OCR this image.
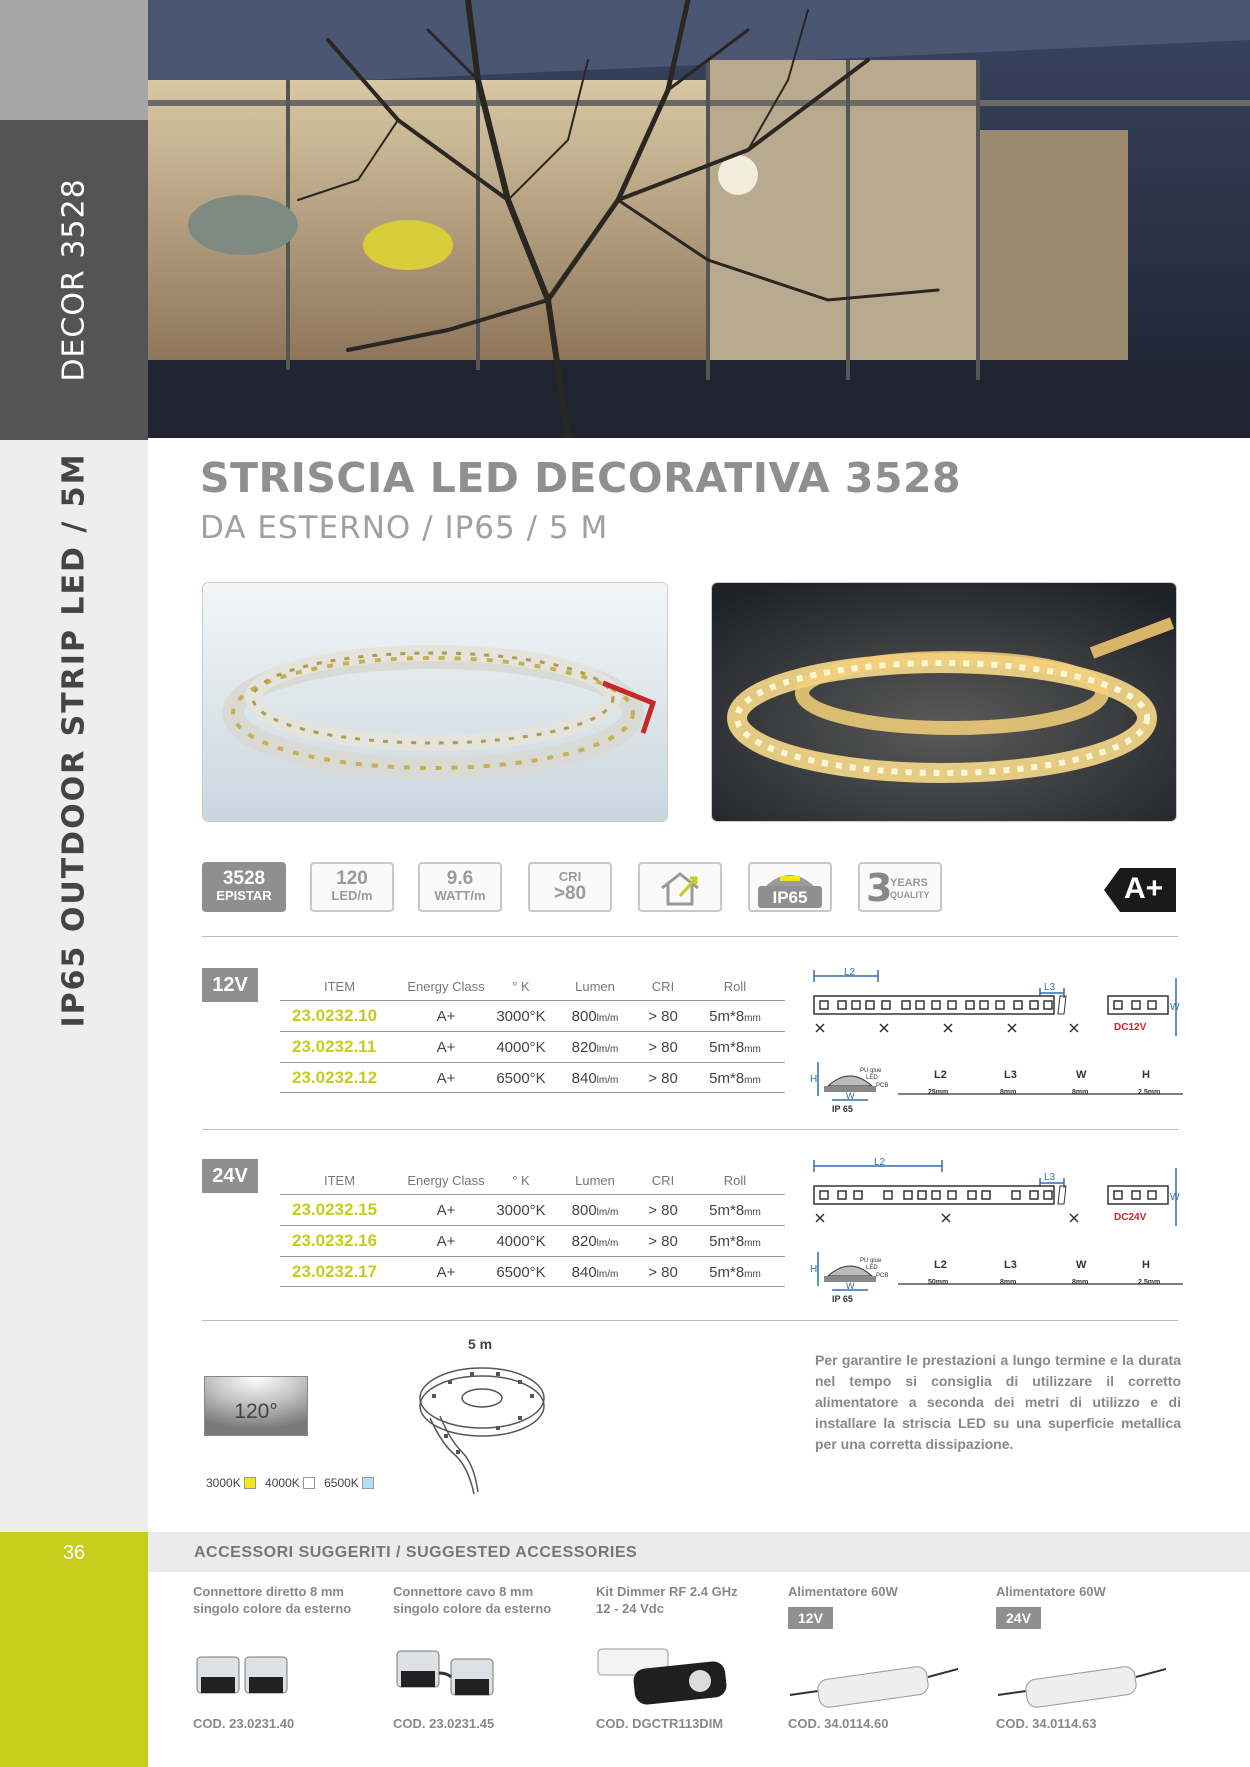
DECOR 3528
IP65 OUTDOOR STRIP LED / 5M
36
STRISCIA LED DECORATIVA 3528
DA ESTERNO / IP65 / 5 M
3528
EPISTAR
120
LED/m
9.6
WATT/m
CRI
>80	IP65	3
YEARS
QUALITY	A+
12V	ITEM	Energy Class	° K	Lumen	CRI	Roll
23.0232.10	A+	3000°K	800lm/m	> 80	5m*8mm
23.0232.11	A+	4000°K	820lm/m	> 80	5m*8mm
23.0232.12	A+	6500°K	840lm/m	> 80	5m*8mm
L2
L3
W
DC12V
H
W
IP 65
PU glue
LED
PCB
L2	L3	W	H
25mm	8mm	8mm	2.5mm
24V	ITEM	Energy Class	° K	Lumen	CRI	Roll
23.0232.15	A+	3000°K	800lm/m	> 80	5m*8mm
23.0232.16	A+	4000°K	820lm/m	> 80	5m*8mm
23.0232.17	A+	6500°K	840lm/m	> 80	5m*8mm
L2
L3
W
DC24V
H
W
IP 65
PU glue
LED
PCB
L2	L3	W	H
50mm	8mm	8mm	2.5mm
120°
3000K 4000K 6500K
5 m
Per garantire le prestazioni a lungo termine e la durata nel tempo si consiglia di utilizzare il corretto alimentatore a seconda dei metri di utilizzo e di installare la striscia LED su una superficie metallica per una corretta dissipazione.
ACCESSORI SUGGERITI / SUGGESTED ACCESSORIES
Connettore diretto 8 mm
singolo colore da esterno
COD. 23.0231.40
Connettore cavo 8 mm
singolo colore da esterno
COD. 23.0231.45
Kit Dimmer RF 2.4 GHz
12 - 24 Vdc
COD. DGCTR113DIM
Alimentatore 60W
12V
COD. 34.0114.60
Alimentatore 60W
24V
COD. 34.0114.63
